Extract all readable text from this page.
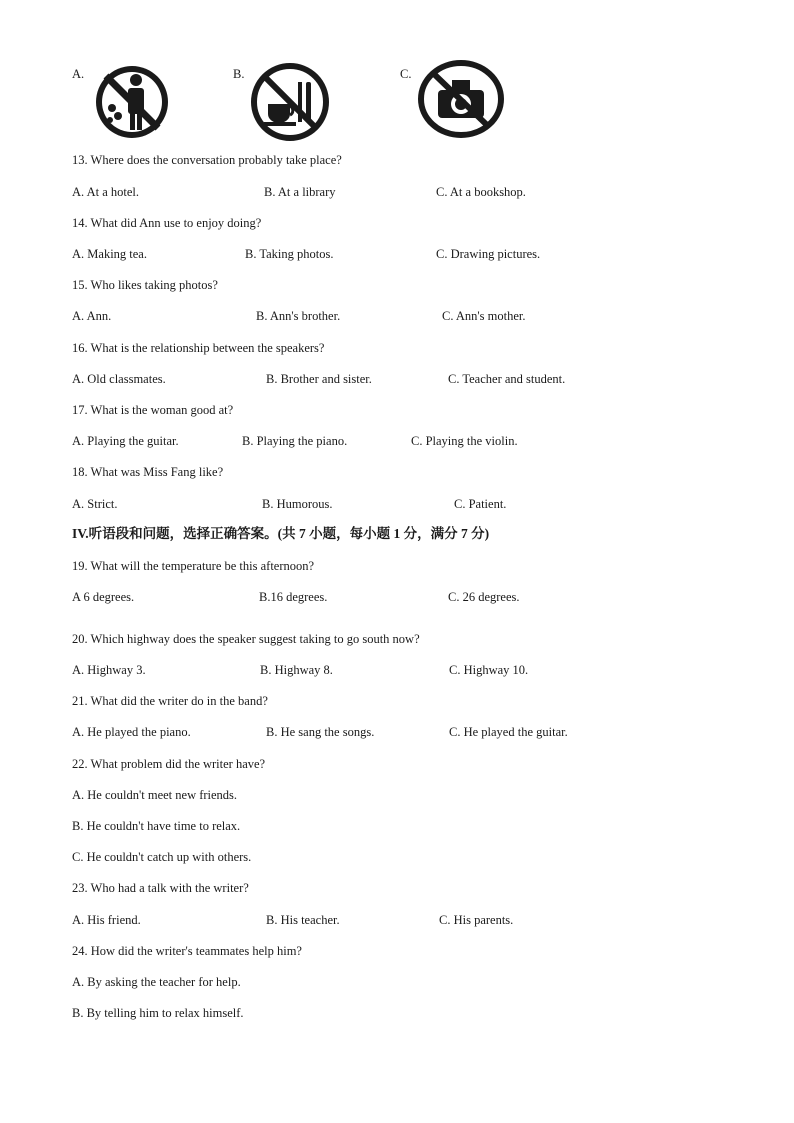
A.	B.	C.
13. Where does the conversation probably take place?
A. At a hotel.	B. At a library	C. At a bookshop.
14. What did Ann use to enjoy doing?
A. Making tea.	B. Taking photos.	C. Drawing pictures.
15. Who likes taking photos?
A. Ann.	B. Ann's brother.	C. Ann's mother.
16. What is the relationship between the speakers?
A. Old classmates.	B. Brother and sister.	C. Teacher and student.
17. What is the woman good at?
A. Playing the guitar.	B. Playing the piano.	C. Playing the violin.
18. What was Miss Fang like?
A. Strict.	B. Humorous.	C. Patient.
IV.听语段和问题，选择正确答案。(共 7 小题，每小题 1 分，满分 7 分)
19. What will the temperature be this afternoon?
A 6 degrees.	B.16 degrees.	C. 26 degrees.
20. Which highway does the speaker suggest taking to go south now?
A. Highway 3.	B. Highway 8.	C. Highway 10.
21. What did the writer do in the band?
A. He played the piano.	B. He sang the songs.	C. He played the guitar.
22. What problem did the writer have?
A. He couldn't meet new friends.
B. He couldn't have time to relax.
C. He couldn't catch up with others.
23. Who had a talk with the writer?
A. His friend.	B. His teacher.	C. His parents.
24. How did the writer's teammates help him?
A. By asking the teacher for help.
B. By telling him to relax himself.
